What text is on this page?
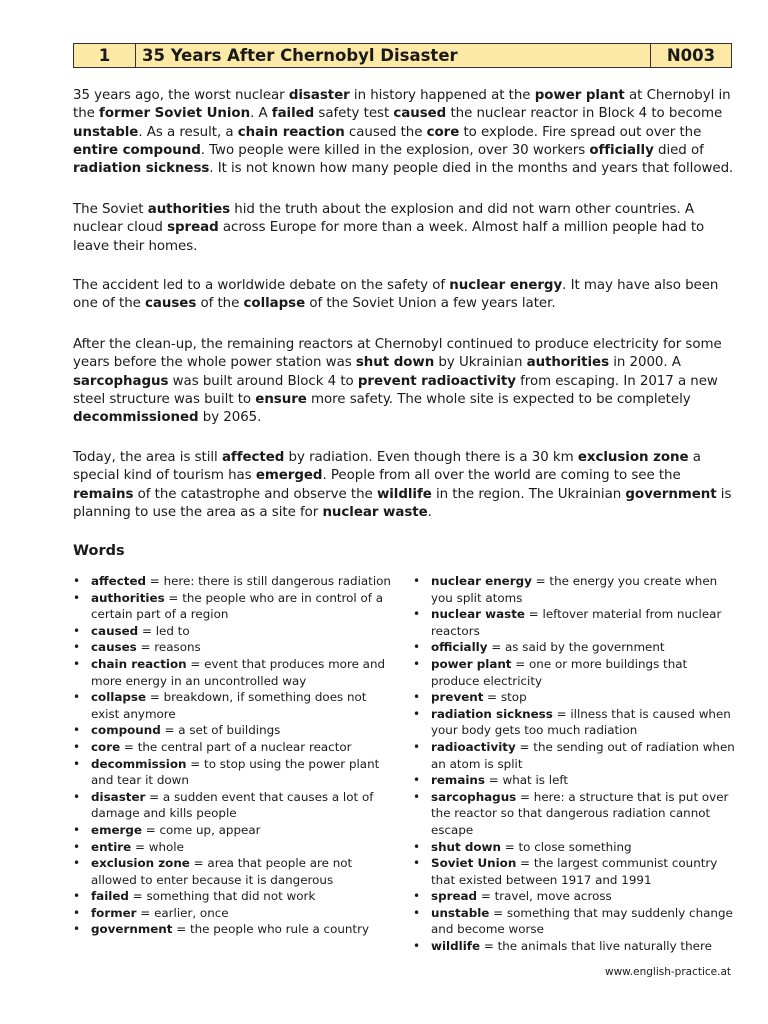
1	35 Years After Chernobyl Disaster	N003
35 years ago, the worst nuclear disaster in history happened at the power plant at Chernobyl in the former Soviet Union. A failed safety test caused the nuclear reactor in Block 4 to become unstable. As a result, a chain reaction caused the core to explode. Fire spread out over the entire compound. Two people were killed in the explosion, over 30 workers officially died of radiation sickness. It is not known how many people died in the months and years that followed.
The Soviet authorities hid the truth about the explosion and did not warn other countries. A nuclear cloud spread across Europe for more than a week. Almost half a million people had to leave their homes.
The accident led to a worldwide debate on the safety of nuclear energy. It may have also been one of the causes of the collapse of the Soviet Union a few years later.
After the clean-up, the remaining reactors at Chernobyl continued to produce electricity for some years before the whole power station was shut down by Ukrainian authorities in 2000. A sarcophagus was built around Block 4 to prevent radioactivity from escaping. In 2017 a new steel structure was built to ensure more safety. The whole site is expected to be completely decommissioned by 2065.
Today, the area is still affected by radiation. Even though there is a 30 km exclusion zone a special kind of tourism has emerged. People from all over the world are coming to see the remains of the catastrophe and observe the wildlife in the region. The Ukrainian government is planning to use the area as a site for nuclear waste.
Words
• affected = here: there is still dangerous radiation
• authorities = the people who are in control of a certain part of a region
• caused = led to
• causes = reasons
• chain reaction = event that produces more and more energy in an uncontrolled way
• collapse = breakdown, if something does not exist anymore
• compound = a set of buildings
• core = the central part of a nuclear reactor
• decommission = to stop using the power plant and tear it down
• disaster = a sudden event that causes a lot of damage and kills people
• emerge = come up, appear
• entire = whole
• exclusion zone = area that people are not allowed to enter because it is dangerous
• failed = something that did not work
• former = earlier, once
• government = the people who rule a country
• nuclear energy = the energy you create when you split atoms
• nuclear waste = leftover material from nuclear reactors
• officially = as said by the government
• power plant = one or more buildings that produce electricity
• prevent = stop
• radiation sickness = illness that is caused when your body gets too much radiation
• radioactivity = the sending out of radiation when an atom is split
• remains = what is left
• sarcophagus = here: a structure that is put over the reactor so that dangerous radiation cannot escape
• shut down = to close something
• Soviet Union = the largest communist country that existed between 1917 and 1991
• spread = travel, move across
• unstable = something that may suddenly change and become worse
• wildlife = the animals that live naturally there
www.english-practice.at
